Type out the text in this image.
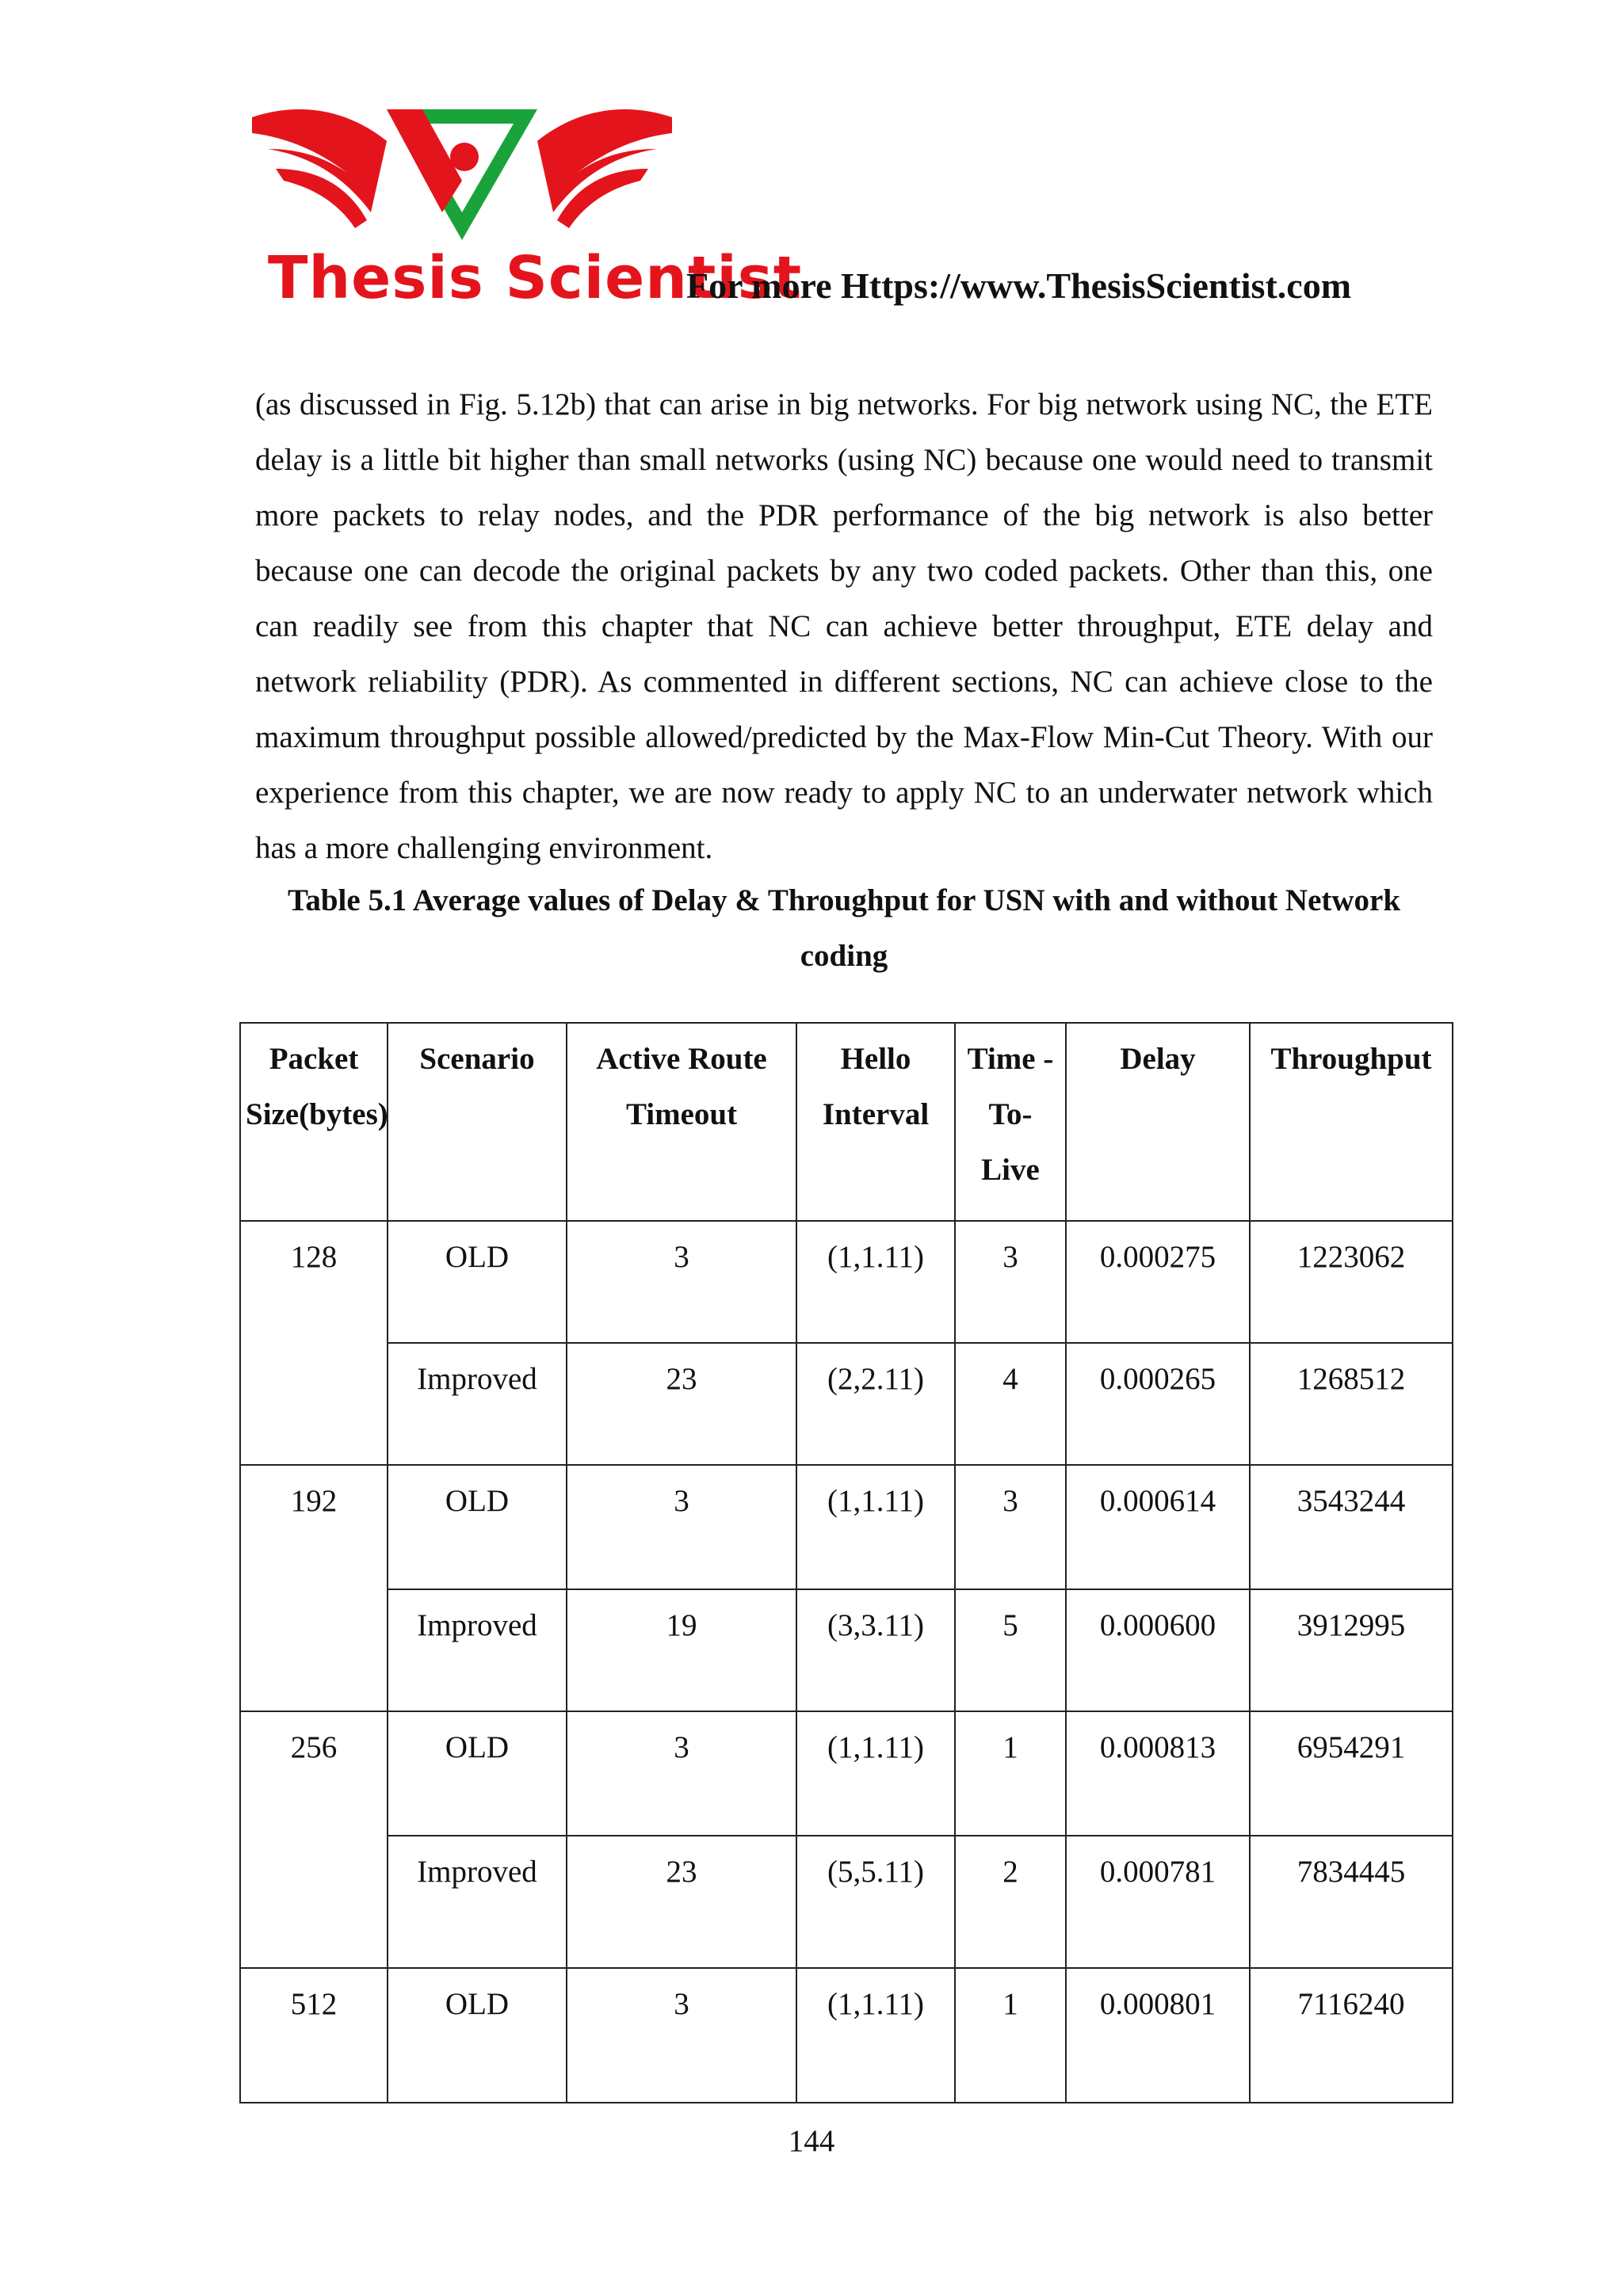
Thesis Scientist
For more Https://www.ThesisScientist.com
(as discussed in Fig. 5.12b) that can arise in big networks. For big network using NC, the ETE delay is a little bit higher than small networks (using NC) because one would need to transmit more packets to relay nodes, and the PDR performance of the big network is also better because one can decode the original packets by any two coded packets. Other than this, one can readily see from this chapter that NC can achieve better throughput, ETE delay and network reliability (PDR). As commented in different sections, NC can achieve close to the maximum throughput possible allowed/predicted by the Max-Flow Min-Cut Theory. With our experience from this chapter, we are now ready to apply NC to an underwater network which has a more challenging environment.
Table 5.1 Average values of Delay & Throughput for USN with and without Network coding
Packet Size(bytes)	Scenario	Active Route Timeout	Hello Interval	Time -To- Live	Delay	Throughput
128	OLD	3	(1,1.11)	3	0.000275	1223062
	Improved	23	(2,2.11)	4	0.000265	1268512
192	OLD	3	(1,1.11)	3	0.000614	3543244
	Improved	19	(3,3.11)	5	0.000600	3912995
256	OLD	3	(1,1.11)	1	0.000813	6954291
	Improved	23	(5,5.11)	2	0.000781	7834445
512	OLD	3	(1,1.11)	1	0.000801	7116240
144
